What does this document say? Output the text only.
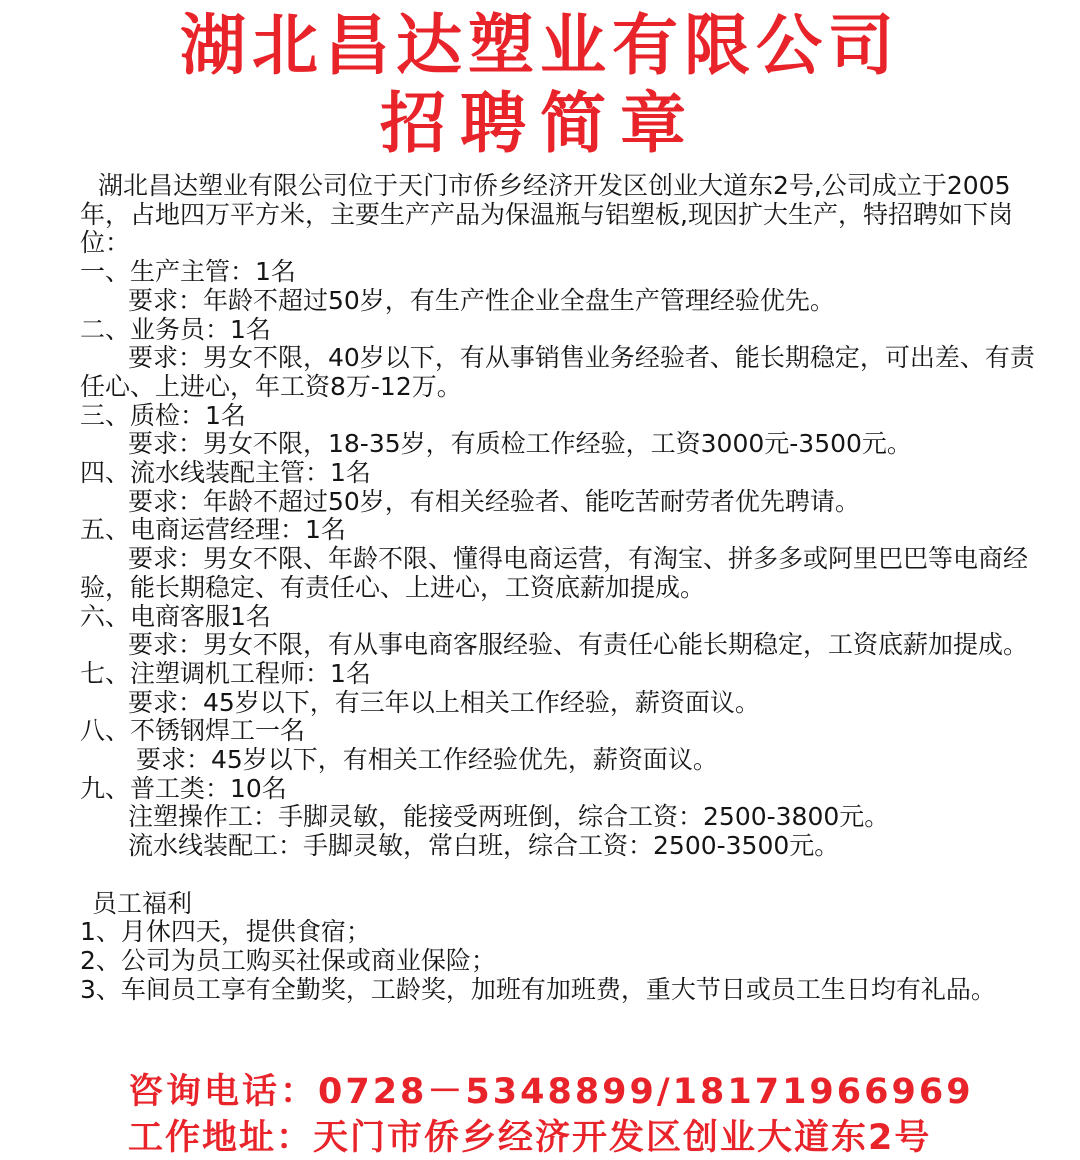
湖北昌达塑业有限公司
招聘简章

湖北昌达塑业有限公司位于天门市侨乡经济开发区创业大道东2号,公司成立于2005年，占地四万平方米，主要生产产品为保温瓶与铝塑板,现因扩大生产，特招聘如下岗位：

一、生产主管：1名

要求：年龄不超过50岁，有生产性企业全盘生产管理经验优先。

二、业务员：1名

要求：男女不限，40岁以下，有从事销售业务经验者、能长期稳定，可出差、有责任心、上进心，年工资8万-12万。

三、质检：1名

要求：男女不限，18-35岁，有质检工作经验，工资3000元-3500元。

四、流水线装配主管：1名

要求：年龄不超过50岁，有相关经验者、能吃苦耐劳者优先聘请。

五、电商运营经理：1名

要求：男女不限、年龄不限、懂得电商运营，有淘宝、拼多多或阿里巴巴等电商经验，能长期稳定、有责任心、上进心，工资底薪加提成。

六、电商客服1名

要求：男女不限，有从事电商客服经验、有责任心能长期稳定，工资底薪加提成。

七、注塑调机工程师：1名

要求：45岁以下，有三年以上相关工作经验，薪资面议。

八、不锈钢焊工一名

要求：45岁以下，有相关工作经验优先，薪资面议。

九、普工类：10名

注塑操作工：手脚灵敏，能接受两班倒，综合工资：2500-3800元。

流水线装配工：手脚灵敏，常白班，综合工资：2500-3500元。

员工福利

1、月休四天，提供食宿；

2、公司为员工购买社保或商业保险；

3、车间员工享有全勤奖，工龄奖，加班有加班费，重大节日或员工生日均有礼品。

咨询电话：0728－5348899/18171966969
工作地址：天门市侨乡经济开发区创业大道东2号
